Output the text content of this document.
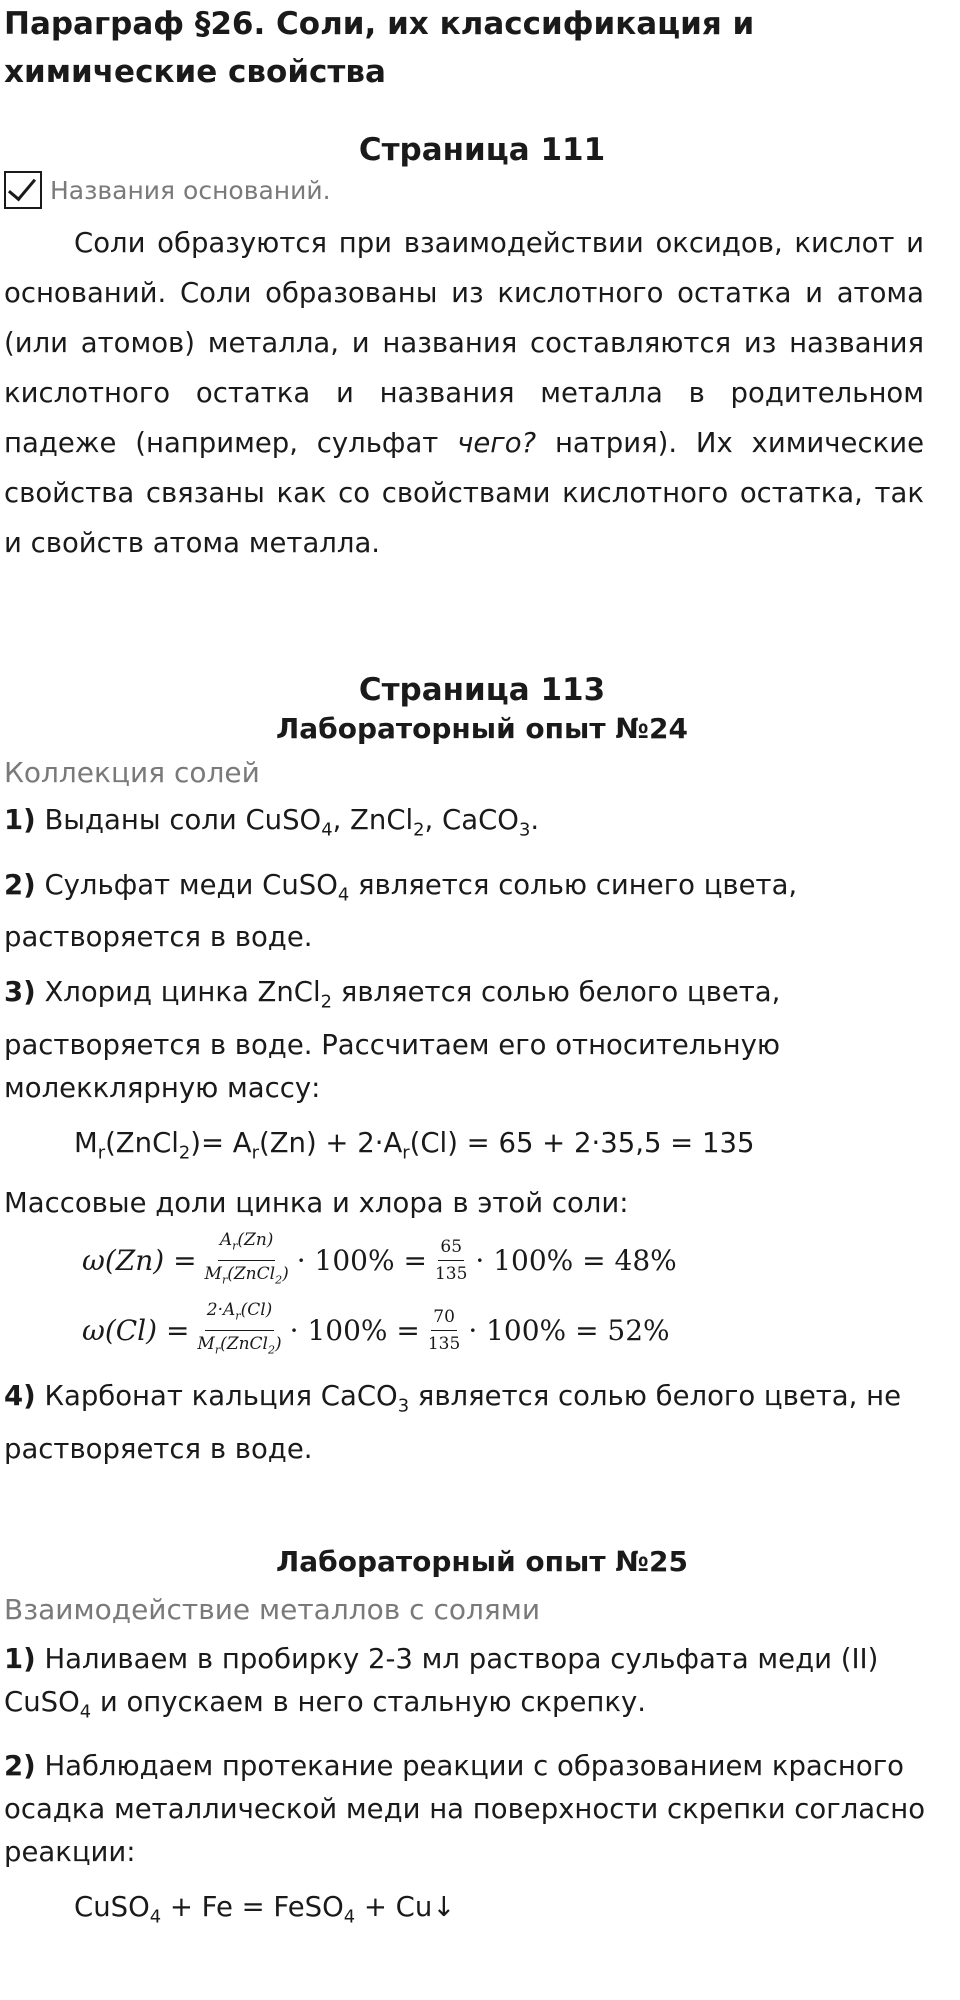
Параграф §26. Соли, их классификация и химические свойства
Страница 111
Названия оснований.

Соли образуются при взаимодействии оксидов, кислот и оснований. Соли образованы из кислотного остатка и атома (или атомов) металла, и названия составляются из названия кислотного остатка и названия металла в родительном падеже (например, сульфат чего? натрия). Их химические свойства связаны как со свойствами кислотного остатка, так и свойств атома металла.

Страница 113
Лабораторный опыт №24

Коллекция солей

1) Выданы соли CuSO$_4$, ZnCl$_2$, CaCO$_3$.

2) Сульфат меди CuSO$_4$ является солью синего цвета, растворяется в воде.

3) Хлорид цинка ZnCl$_2$ является солью белого цвета, растворяется в воде. Рассчитаем его относительную молекклярную массу:

$M_r(ZnCl_2)= A_r(Zn) + 2\cdot A_r(Cl) = 65 + 2\cdot 35,5 = 135$

Массовые доли цинка и хлора в этой соли:

$\omega(Zn) = \frac{A_r(Zn)}{M_r(ZnCl_2)} \cdot 100\% = \frac{65}{135} \cdot 100\% = 48\%$
$\omega(Cl) = \frac{2\cdot A_r(Cl)}{M_r(ZnCl_2)} \cdot 100\% = \frac{70}{135} \cdot 100\% = 52\%$

4) Карбонат кальция CaCO$_3$ является солью белого цвета, не растворяется в воде.

Лабораторный опыт №25

Взаимодействие металлов с солями

1) Наливаем в пробирку 2-3 мл раствора сульфата меди (II) CuSO$_4$ и опускаем в него стальную скрепку.

2) Наблюдаем протекание реакции с образованием красного осадка металлической меди на поверхности скрепки согласно реакции:

CuSO$_4$ + Fe = FeSO$_4$ + Cu↓
